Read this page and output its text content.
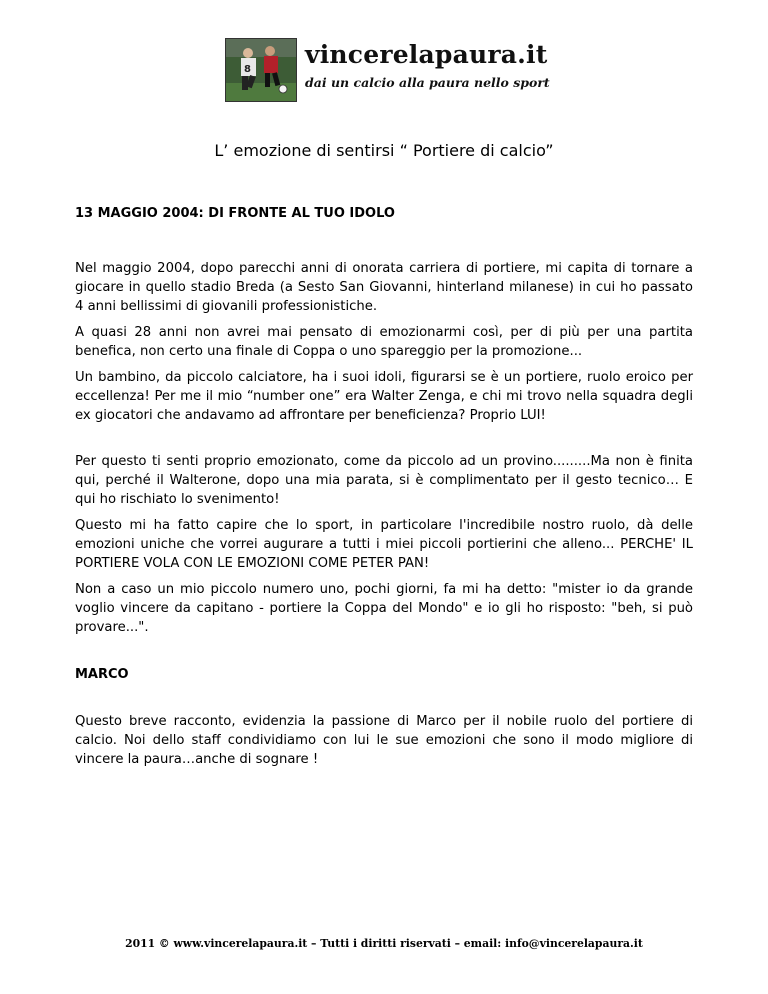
8
vincerelapaura.it
dai un calcio alla paura nello sport
L’ emozione di sentirsi “ Portiere di calcio”
13 MAGGIO 2004: DI FRONTE AL TUO IDOLO

Nel maggio 2004, dopo parecchi anni di onorata carriera di portiere, mi capita di tornare a giocare in quello stadio Breda (a Sesto San Giovanni, hinterland milanese) in cui ho passato 4 anni bellissimi di giovanili professionistiche.

A quasi 28 anni non avrei mai pensato di emozionarmi così, per di più per una partita benefica, non certo una finale di Coppa o uno spareggio per la promozione...

Un bambino, da piccolo calciatore, ha i suoi idoli, figurarsi se è un portiere, ruolo eroico per eccellenza! Per me il mio “number one” era Walter Zenga, e chi mi trovo nella squadra degli ex giocatori che andavamo ad affrontare per beneficienza? Proprio LUI!

Per questo ti senti proprio emozionato, come da piccolo ad un provino.........Ma non è finita qui, perché il Walterone, dopo una mia parata, si è complimentato per il gesto tecnico… E qui ho rischiato lo svenimento!

Questo mi ha fatto capire che lo sport, in particolare l'incredibile nostro ruolo, dà delle emozioni uniche che vorrei augurare a tutti i miei piccoli portierini che alleno... PERCHE' IL PORTIERE VOLA CON LE EMOZIONI COME PETER PAN!

Non a caso un mio piccolo numero uno, pochi giorni, fa mi ha detto: "mister io da grande voglio vincere da capitano - portiere la Coppa del Mondo" e io gli ho risposto: "beh, si può provare...".

MARCO

Questo breve racconto, evidenzia la passione di Marco per il nobile ruolo del portiere di calcio. Noi dello staff condividiamo con lui le sue emozioni che sono il modo migliore di vincere la paura…anche di sognare !

2011 © www.vincerelapaura.it – Tutti i diritti riservati – email: info@vincerelapaura.it
